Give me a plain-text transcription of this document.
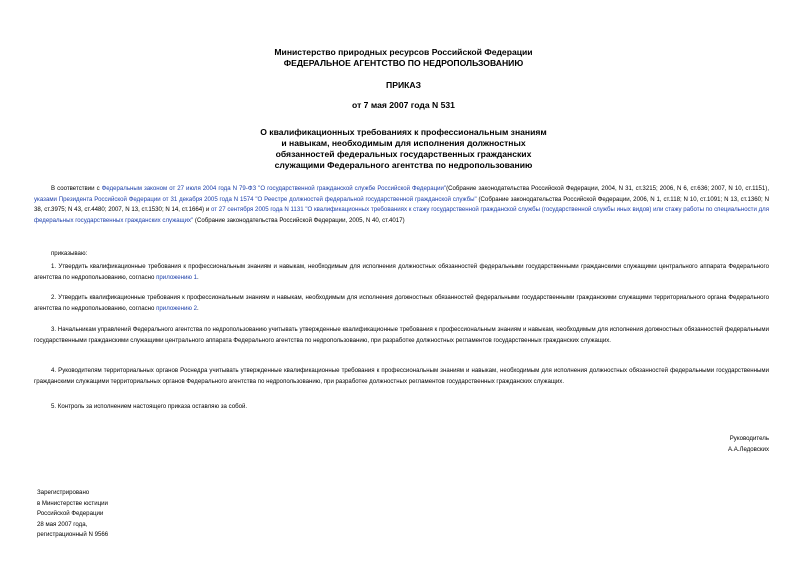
Министерство природных ресурсов Российской Федерации
ФЕДЕРАЛЬНОЕ АГЕНТСТВО ПО НЕДРОПОЛЬЗОВАНИЮ
ПРИКАЗ
от 7 мая 2007 года N 531
О квалификационных требованиях к профессиональным знаниям
и навыкам, необходимым для исполнения должностных
обязанностей федеральных государственных гражданских
служащими Федерального агентства по недропользованию
В соответствии с Федеральным законом от 27 июля 2004 года N 79-ФЗ "О государственной гражданской службе Российской Федерации"(Собрание законодательства Российской Федерации, 2004, N 31, ст.3215; 2006, N 6, ст.636; 2007, N 10, ст.1151), указами Президента Российской Федерации от 31 декабря 2005 года N 1574 "О Реестре должностей федеральной государственной гражданской службы" (Собрание законодательства Российской Федерации, 2006, N 1, ст.118; N 10, ст.1091; N 13, ст.1360; N 38, ст.3975; N 43, ст.4480; 2007, N 13, ст.1530; N 14, ст.1664) и от 27 сентября 2005 года N 1131 "О квалификационных требованиях к стажу государственной гражданской службы (государственной службы иных видов) или стажу работы по специальности для федеральных государственных гражданских служащих" (Собрание законодательства Российской Федерации, 2005, N 40, ст.4017)
приказываю:
1. Утвердить квалификационные требования к профессиональным знаниям и навыкам, необходимым для исполнения должностных обязанностей федеральными государственными гражданскими служащими центрального аппарата Федерального агентства по недропользованию, согласно приложению 1.
2. Утвердить квалификационные требования к профессиональным знаниям и навыкам, необходимым для исполнения должностных обязанностей федеральными государственными гражданскими служащими территориального органа Федерального агентства по недропользованию, согласно приложению 2.
3. Начальникам управлений Федерального агентства по недропользованию учитывать утвержденные квалификационные требования к профессиональным знаниям и навыкам, необходимым для исполнения должностных обязанностей федеральными государственными гражданскими служащими центрального аппарата Федерального агентства по недропользованию, при разработке должностных регламентов государственных гражданских служащих.
4. Руководителям территориальных органов Роснедра учитывать утвержденные квалификационные требования к профессиональным знаниям и навыкам, необходимым для исполнения должностных обязанностей федеральными государственными гражданскими служащими территориальных органов Федерального агентства по недропользованию, при разработке должностных регламентов государственных гражданских служащих.
5. Контроль за исполнением настоящего приказа оставляю за собой.
Руководитель
А.А.Ледовских
Зарегистрировано
в Министерстве юстиции
Российской Федерации
28 мая 2007 года,
регистрационный N 9566
